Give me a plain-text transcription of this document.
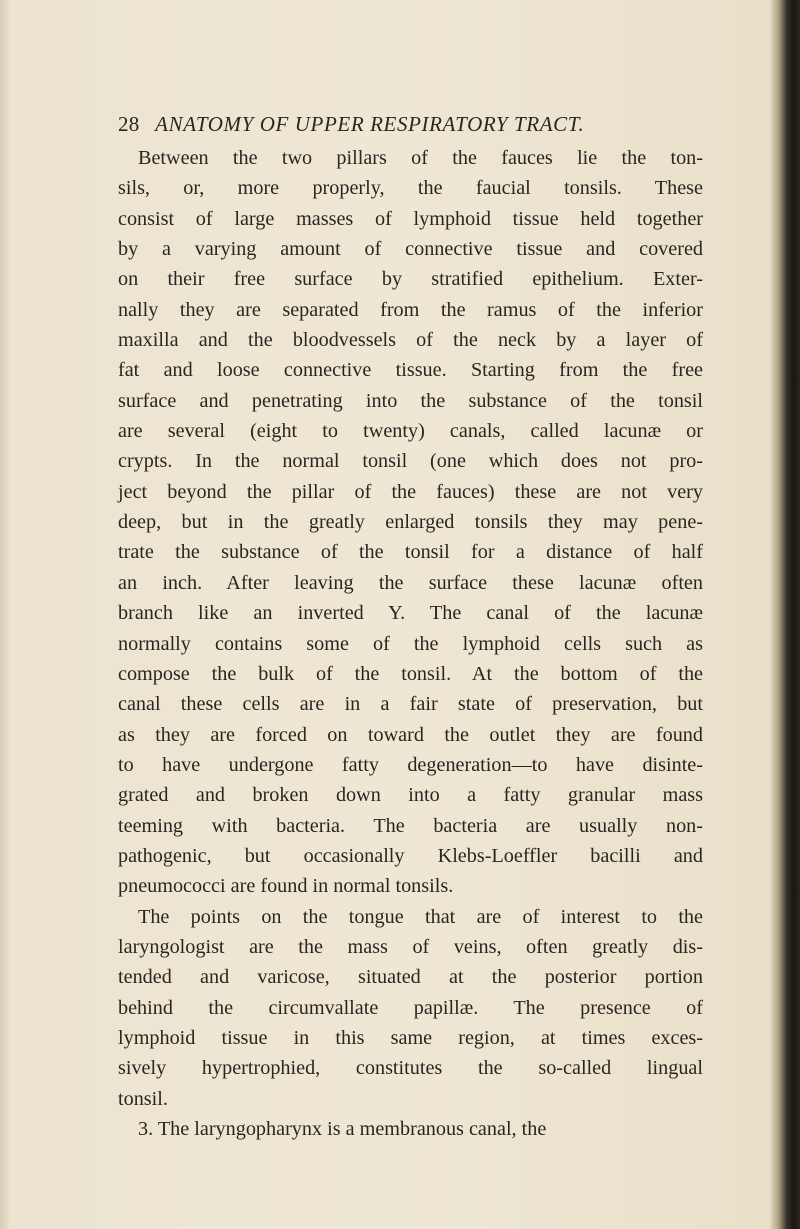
28 ANATOMY OF UPPER RESPIRATORY TRACT.
Between the two pillars of the fauces lie the ton-
sils, or, more properly, the faucial tonsils. These
consist of large masses of lymphoid tissue held together
by a varying amount of connective tissue and covered
on their free surface by stratified epithelium. Exter-
nally they are separated from the ramus of the inferior
maxilla and the bloodvessels of the neck by a layer of
fat and loose connective tissue. Starting from the free
surface and penetrating into the substance of the tonsil
are several (eight to twenty) canals, called lacunæ or
crypts. In the normal tonsil (one which does not pro-
ject beyond the pillar of the fauces) these are not very
deep, but in the greatly enlarged tonsils they may pene-
trate the substance of the tonsil for a distance of half
an inch. After leaving the surface these lacunæ often
branch like an inverted Y. The canal of the lacunæ
normally contains some of the lymphoid cells such as
compose the bulk of the tonsil. At the bottom of the
canal these cells are in a fair state of preservation, but
as they are forced on toward the outlet they are found
to have undergone fatty degeneration—to have disinte-
grated and broken down into a fatty granular mass
teeming with bacteria. The bacteria are usually non-
pathogenic, but occasionally Klebs-Loeffler bacilli and
pneumococci are found in normal tonsils.
The points on the tongue that are of interest to the
laryngologist are the mass of veins, often greatly dis-
tended and varicose, situated at the posterior portion
behind the circumvallate papillæ. The presence of
lymphoid tissue in this same region, at times exces-
sively hypertrophied, constitutes the so-called lingual
tonsil.
3. The laryngopharynx is a membranous canal, the
